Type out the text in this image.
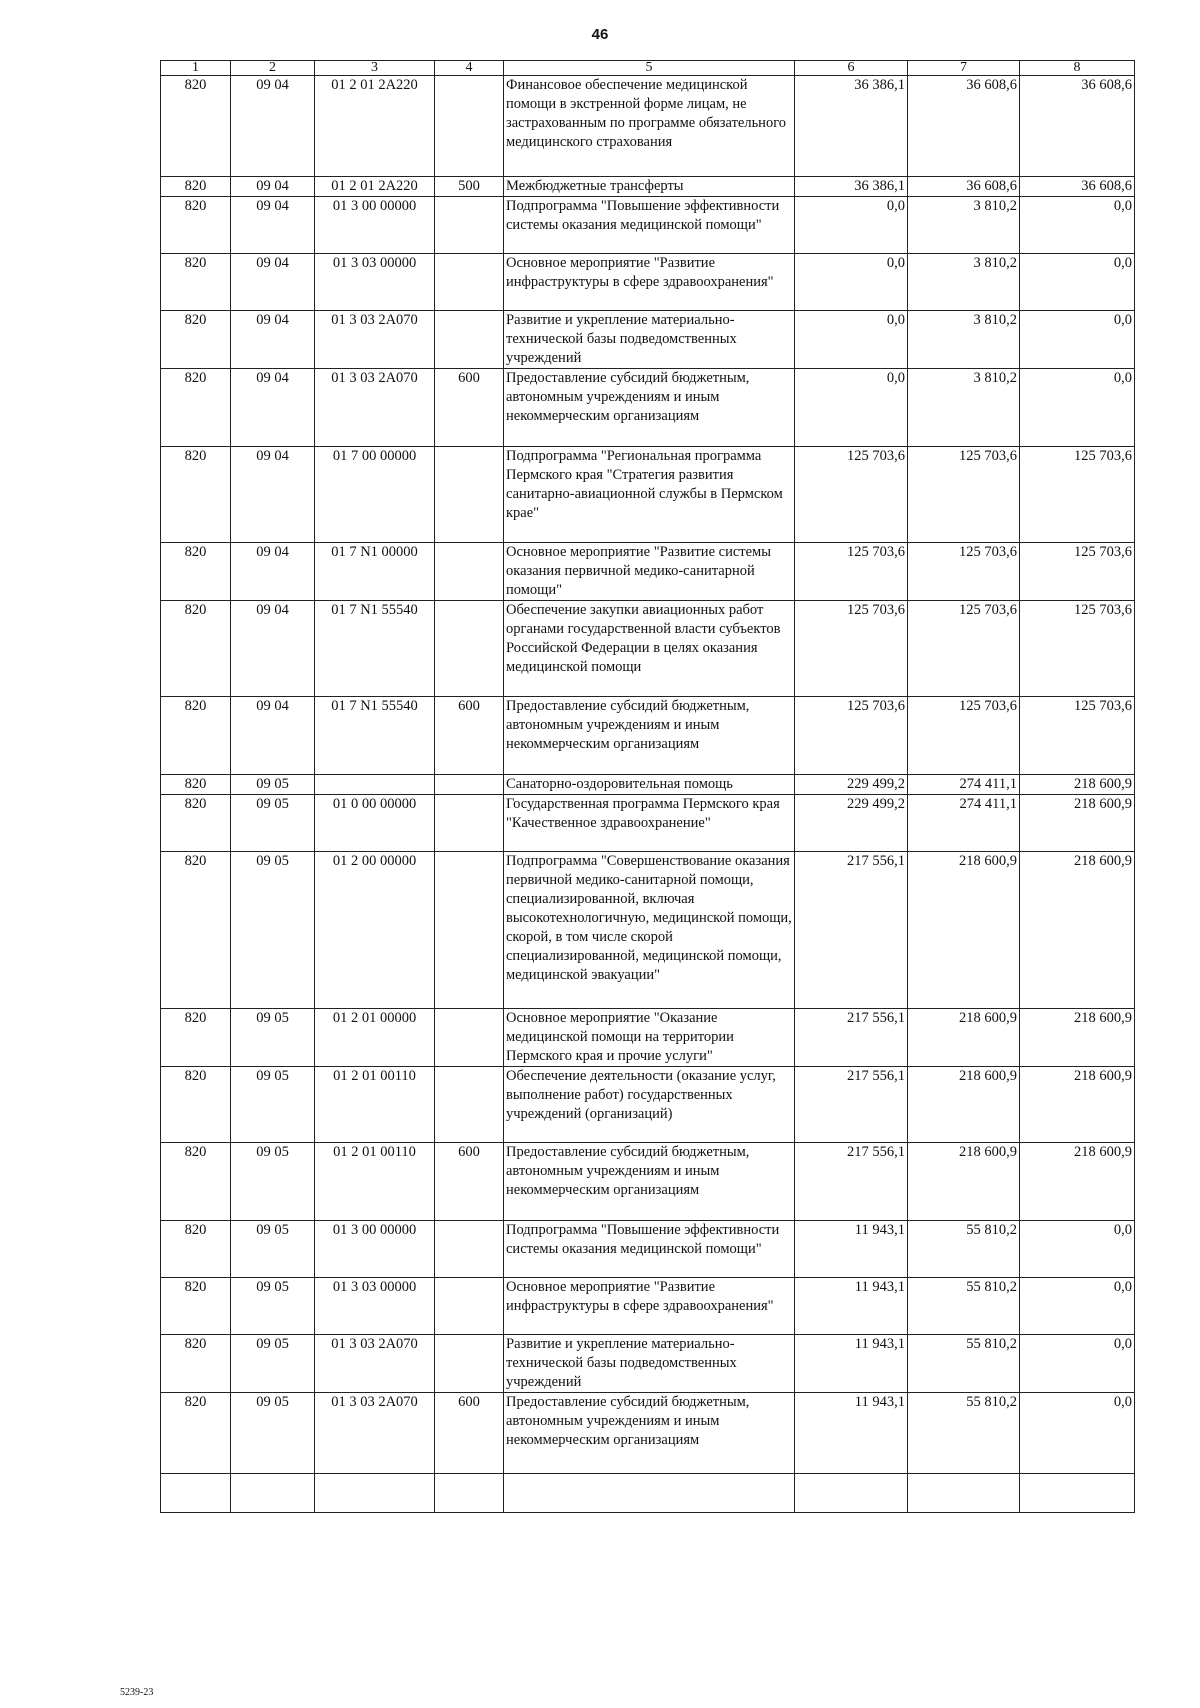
46
1	2	3	4	5	6	7	8
820	09 04	01 2 01 2А220		Финансовое обеспечение медицинской помощи в экстренной форме лицам, не застрахованным по программе обязательного медицинского страхования	36 386,1	36 608,6	36 608,6
820	09 04	01 2 01 2А220	500	Межбюджетные трансферты	36 386,1	36 608,6	36 608,6
820	09 04	01 3 00 00000		Подпрограмма "Повышение эффективности системы оказания медицинской помощи"	0,0	3 810,2	0,0
820	09 04	01 3 03 00000		Основное мероприятие "Развитие инфраструктуры в сфере здравоохранения"	0,0	3 810,2	0,0
820	09 04	01 3 03 2А070		Развитие и укрепление материально-технической базы подведомственных учреждений	0,0	3 810,2	0,0
820	09 04	01 3 03 2А070	600	Предоставление субсидий бюджетным, автономным учреждениям и иным некоммерческим организациям	0,0	3 810,2	0,0
820	09 04	01 7 00 00000		Подпрограмма "Региональная программа Пермского края "Стратегия развития санитарно-авиационной службы в Пермском крае"	125 703,6	125 703,6	125 703,6
820	09 04	01 7 N1 00000		Основное мероприятие "Развитие системы оказания первичной медико-санитарной помощи"	125 703,6	125 703,6	125 703,6
820	09 04	01 7 N1 55540		Обеспечение закупки авиационных работ органами государственной власти субъектов Российской Федерации в целях оказания медицинской помощи	125 703,6	125 703,6	125 703,6
820	09 04	01 7 N1 55540	600	Предоставление субсидий бюджетным, автономным учреждениям и иным некоммерческим организациям	125 703,6	125 703,6	125 703,6
820	09 05			Санаторно-оздоровительная помощь	229 499,2	274 411,1	218 600,9
820	09 05	01 0 00 00000		Государственная программа Пермского края "Качественное здравоохранение"	229 499,2	274 411,1	218 600,9
820	09 05	01 2 00 00000		Подпрограмма "Совершенствование оказания первичной медико-санитарной помощи, специализированной, включая высокотехнологичную, медицинской помощи, скорой, в том числе скорой специализированной, медицинской помощи, медицинской эвакуации"	217 556,1	218 600,9	218 600,9
820	09 05	01 2 01 00000		Основное мероприятие "Оказание медицинской помощи на территории Пермского края и прочие услуги"	217 556,1	218 600,9	218 600,9
820	09 05	01 2 01 00110		Обеспечение деятельности (оказание услуг, выполнение работ) государственных учреждений (организаций)	217 556,1	218 600,9	218 600,9
820	09 05	01 2 01 00110	600	Предоставление субсидий бюджетным, автономным учреждениям и иным некоммерческим организациям	217 556,1	218 600,9	218 600,9
820	09 05	01 3 00 00000		Подпрограмма "Повышение эффективности системы оказания медицинской помощи"	11 943,1	55 810,2	0,0
820	09 05	01 3 03 00000		Основное мероприятие "Развитие инфраструктуры в сфере здравоохранения"	11 943,1	55 810,2	0,0
820	09 05	01 3 03 2А070		Развитие и укрепление материально-технической базы подведомственных учреждений	11 943,1	55 810,2	0,0
820	09 05	01 3 03 2А070	600	Предоставление субсидий бюджетным, автономным учреждениям и иным некоммерческим организациям	11 943,1	55 810,2	0,0

5239-23
